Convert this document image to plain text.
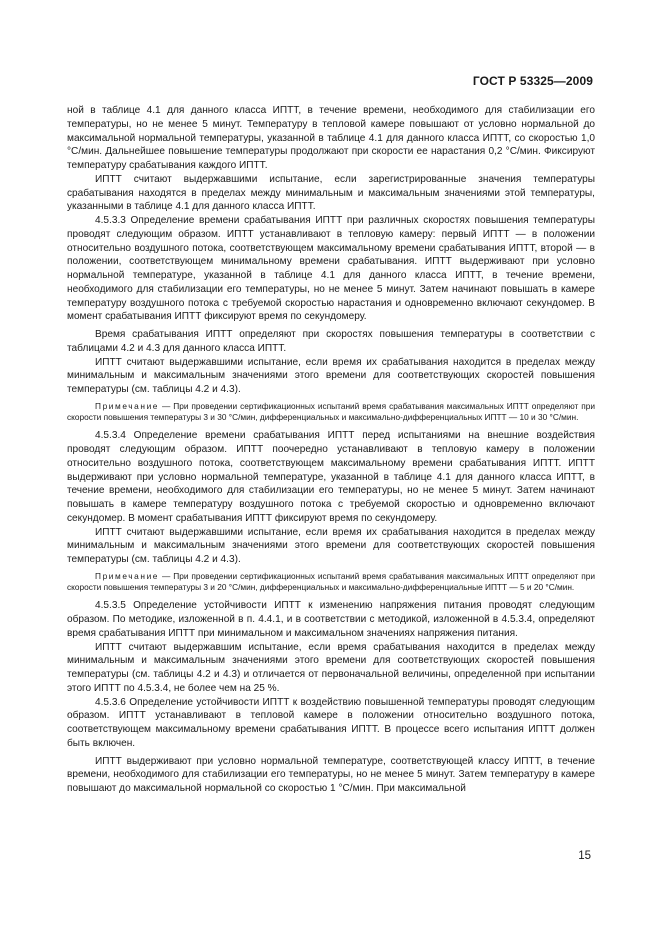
ГОСТ Р 53325—2009

ной в таблице 4.1 для данного класса ИПТТ, в течение времени, необходимого для стабилизации его температуры, но не менее 5 минут. Температуру в тепловой камере повышают от условно нормальной до максимальной нормальной температуры, указанной в таблице 4.1 для данного класса ИПТТ, со скоростью 1,0 °С/мин. Дальнейшее повышение температуры продолжают при скорости ее нарастания 0,2 °С/мин. Фиксируют температуру срабатывания каждого ИПТТ.

ИПТТ считают выдержавшими испытание, если зарегистрированные значения температуры срабатывания находятся в пределах между минимальным и максимальным значениями этой температуры, указанными в таблице 4.1 для данного класса ИПТТ.

4.5.3.3 Определение времени срабатывания ИПТТ при различных скоростях повышения температуры проводят следующим образом. ИПТТ устанавливают в тепловую камеру: первый ИПТТ — в положении относительно воздушного потока, соответствующем максимальному времени срабатывания ИПТТ, второй — в положении, соответствующем минимальному времени срабатывания. ИПТТ выдерживают при условно нормальной температуре, указанной в таблице 4.1 для данного класса ИПТТ, в течение времени, необходимого для стабилизации его температуры, но не менее 5 минут. Затем начинают повышать в камере температуру воздушного потока с требуемой скоростью нарастания и одновременно включают секундомер. В момент срабатывания ИПТТ фиксируют время по секундомеру.

Время срабатывания ИПТТ определяют при скоростях повышения температуры в соответствии с таблицами 4.2 и 4.3 для данного класса ИПТТ.

ИПТТ считают выдержавшими испытание, если время их срабатывания находится в пределах между минимальным и максимальным значениями этого времени для соответствующих скоростей повышения температуры (см. таблицы 4.2 и 4.3).

Примечание — При проведении сертификационных испытаний время срабатывания максимальных ИПТТ определяют при скорости повышения температуры 3 и 30 °С/мин, дифференциальных и максимально-дифференциальных ИПТТ — 10 и 30 °С/мин.

4.5.3.4 Определение времени срабатывания ИПТТ перед испытаниями на внешние воздействия проводят следующим образом. ИПТТ поочередно устанавливают в тепловую камеру в положении относительно воздушного потока, соответствующем максимальному времени срабатывания ИПТТ. ИПТТ выдерживают при условно нормальной температуре, указанной в таблице 4.1 для данного класса ИПТТ, в течение времени, необходимого для стабилизации его температуры, но не менее 5 минут. Затем начинают повышать в камере температуру воздушного потока с требуемой скоростью и одновременно включают секундомер. В момент срабатывания ИПТТ фиксируют время по секундомеру.

ИПТТ считают выдержавшими испытание, если время их срабатывания находится в пределах между минимальным и максимальным значениями этого времени для соответствующих скоростей повышения температуры (см. таблицы 4.2 и 4.3).

Примечание — При проведении сертификационных испытаний время срабатывания максимальных ИПТТ определяют при скорости повышения температуры 3 и 20 °С/мин, дифференциальных и максимально-дифференциальные ИПТТ — 5 и 20 °С/мин.

4.5.3.5 Определение устойчивости ИПТТ к изменению напряжения питания проводят следующим образом. По методике, изложенной в п. 4.4.1, и в соответствии с методикой, изложенной в 4.5.3.4, определяют время срабатывания ИПТТ при минимальном и максимальном значениях напряжения питания.

ИПТТ считают выдержавшим испытание, если время срабатывания находится в пределах между минимальным и максимальным значениями этого времени для соответствующих скоростей повышения температуры (см. таблицы 4.2 и 4.3) и отличается от первоначальной величины, определенной при испытании этого ИПТТ по 4.5.3.4, не более чем на 25 %.

4.5.3.6 Определение устойчивости ИПТТ к воздействию повышенной температуры проводят следующим образом. ИПТТ устанавливают в тепловой камере в положении относительно воздушного потока, соответствующем максимальному времени срабатывания ИПТТ. В процессе всего испытания ИПТТ должен быть включен.

ИПТТ выдерживают при условно нормальной температуре, соответствующей классу ИПТТ, в течение времени, необходимого для стабилизации его температуры, но не менее 5 минут. Затем температуру в камере повышают до максимальной нормальной со скоростью 1 °С/мин. При максимальной

15
